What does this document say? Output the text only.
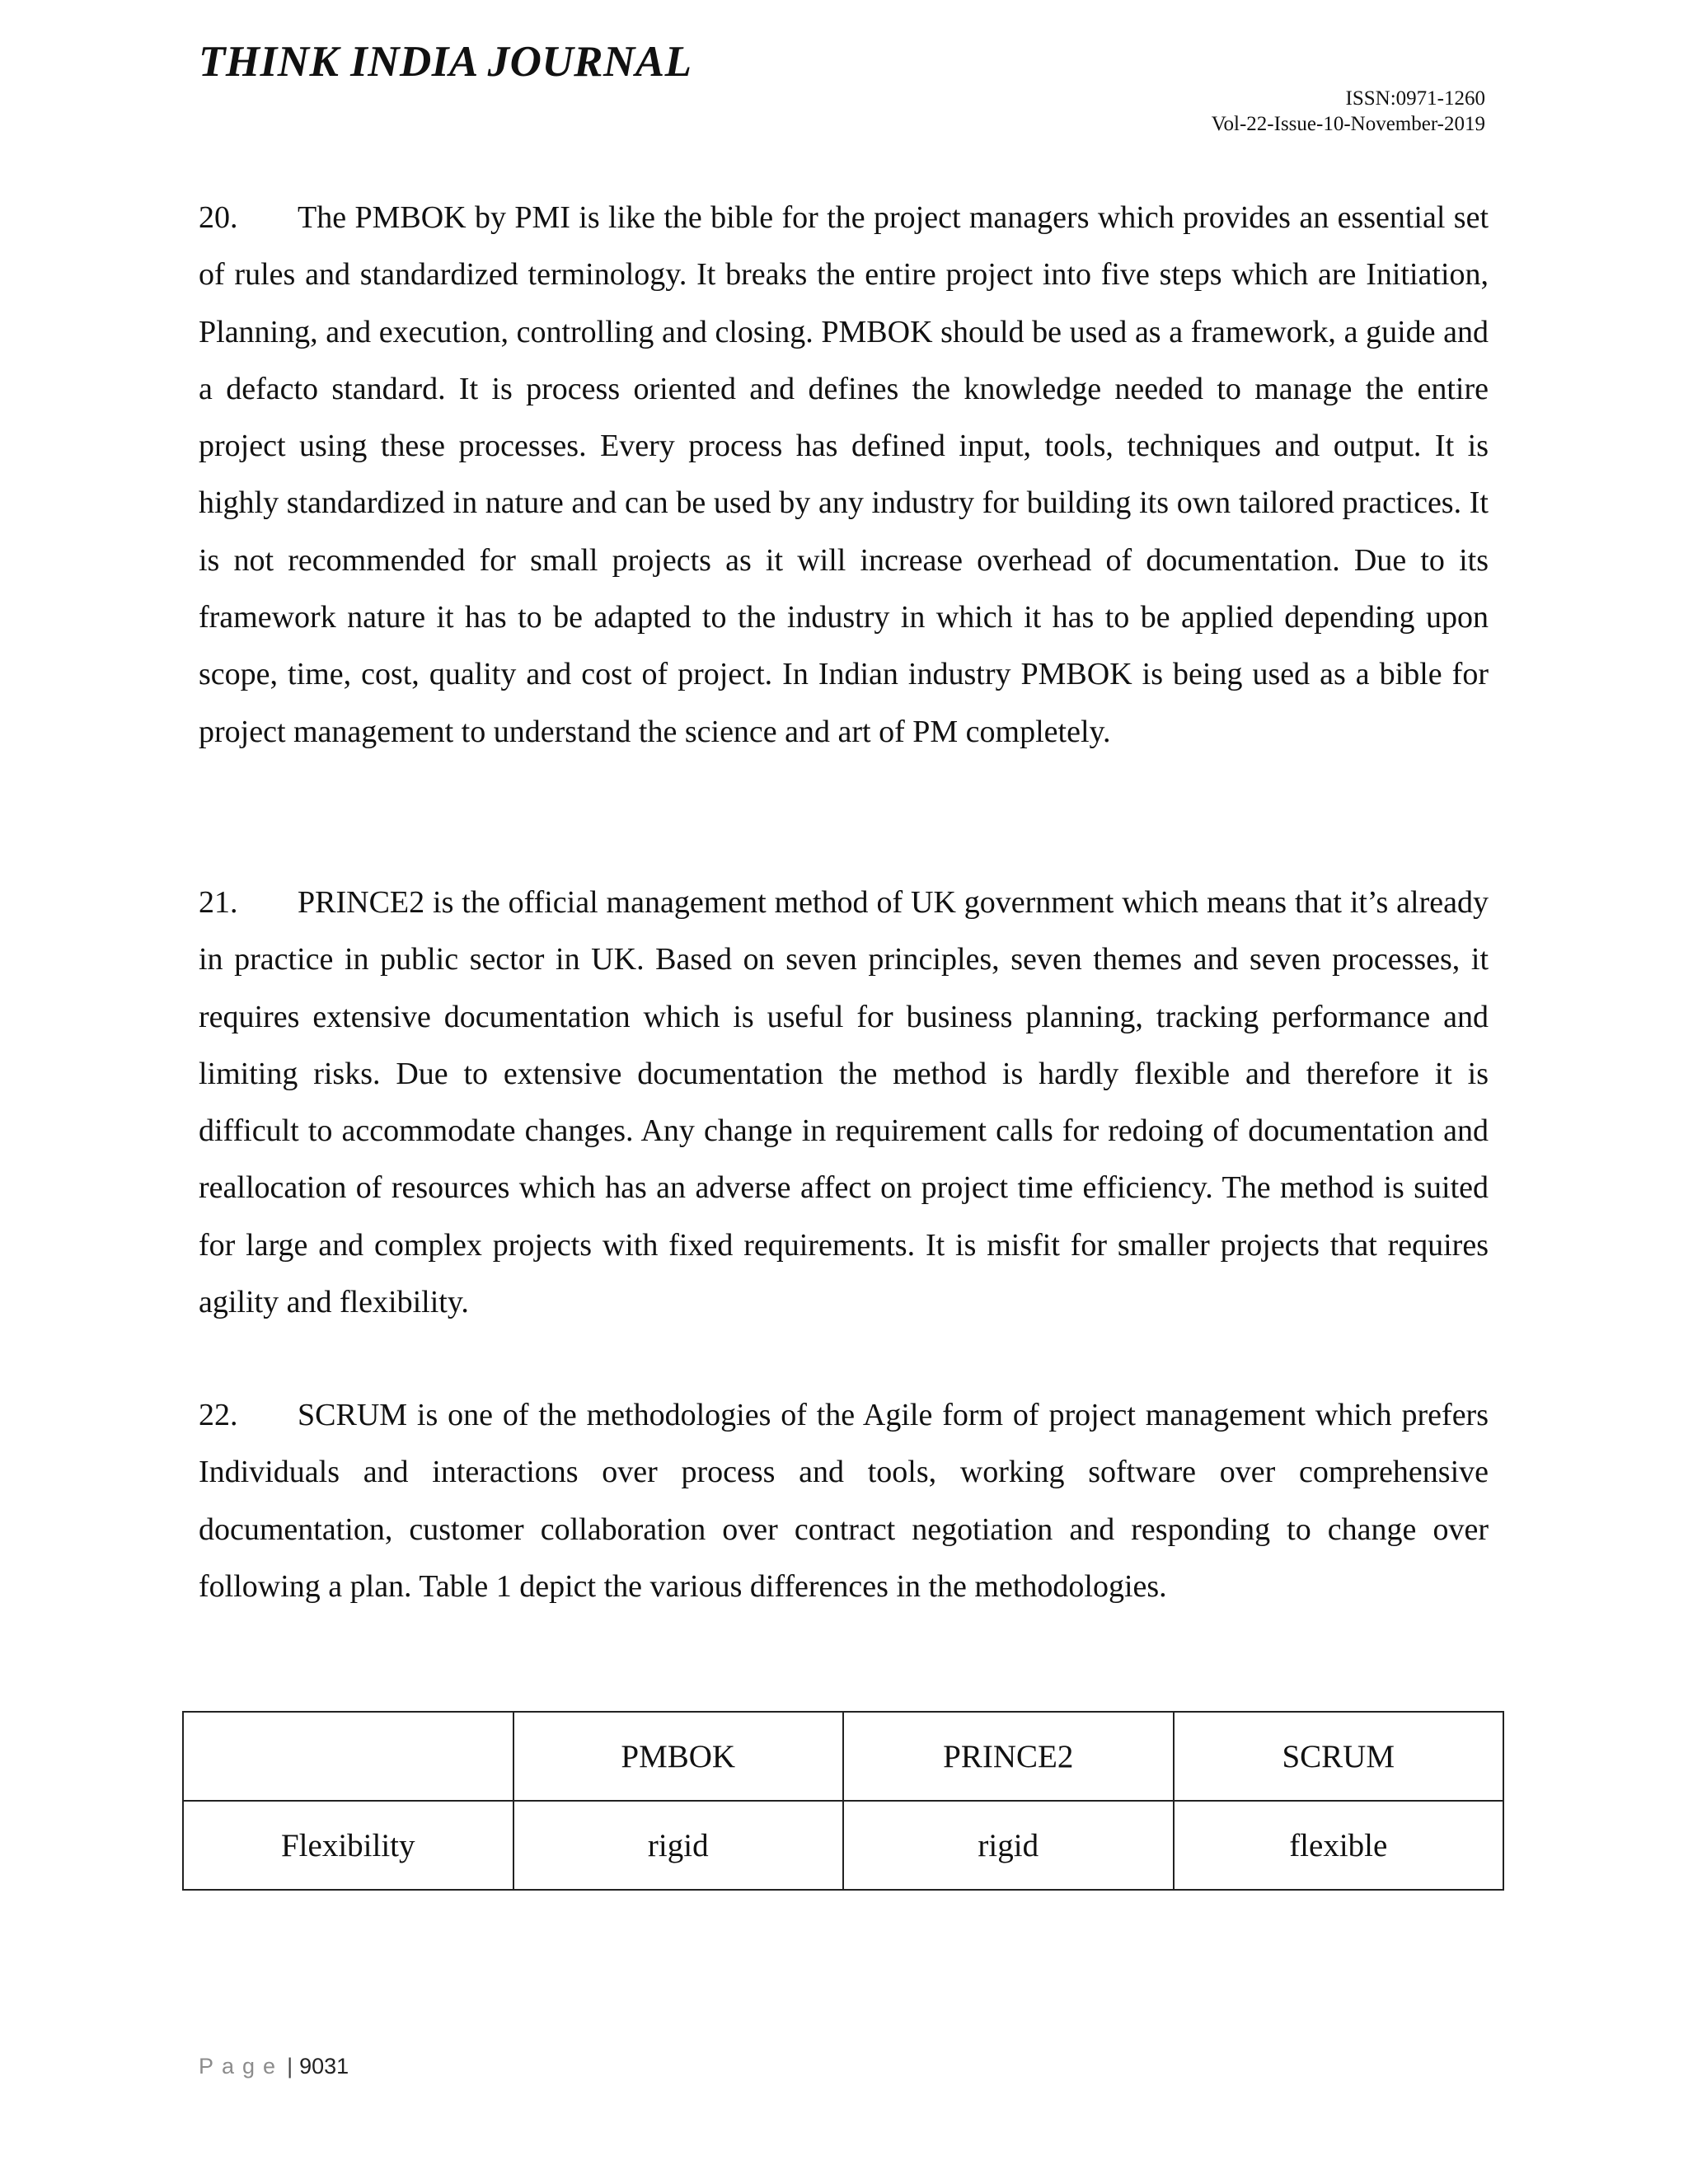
THINK INDIA JOURNAL
ISSN:0971-1260
Vol-22-Issue-10-November-2019

20. The PMBOK by PMI is like the bible for the project managers which provides an essential set of rules and standardized terminology. It breaks the entire project into five steps which are Initiation, Planning, and execution, controlling and closing. PMBOK should be used as a framework, a guide and a defacto standard. It is process oriented and defines the knowledge needed to manage the entire project using these processes. Every process has defined input, tools, techniques and output. It is highly standardized in nature and can be used by any industry for building its own tailored practices. It is not recommended for small projects as it will increase overhead of documentation. Due to its framework nature it has to be adapted to the industry in which it has to be applied depending upon scope, time, cost, quality and cost of project. In Indian industry PMBOK is being used as a bible for project management to understand the science and art of PM completely.

21. PRINCE2 is the official management method of UK government which means that it’s already in practice in public sector in UK. Based on seven principles, seven themes and seven processes, it requires extensive documentation which is useful for business planning, tracking performance and limiting risks. Due to extensive documentation the method is hardly flexible and therefore it is difficult to accommodate changes. Any change in requirement calls for redoing of documentation and reallocation of resources which has an adverse affect on project time efficiency. The method is suited for large and complex projects with fixed requirements. It is misfit for smaller projects that requires agility and flexibility.

22. SCRUM is one of the methodologies of the Agile form of project management which prefers Individuals and interactions over process and tools, working software over comprehensive documentation, customer collaboration over contract negotiation and responding to change over following a plan. Table 1 depict the various differences in the methodologies.

	PMBOK	PRINCE2	SCRUM
Flexibility	rigid	rigid	flexible
Page | 9031
